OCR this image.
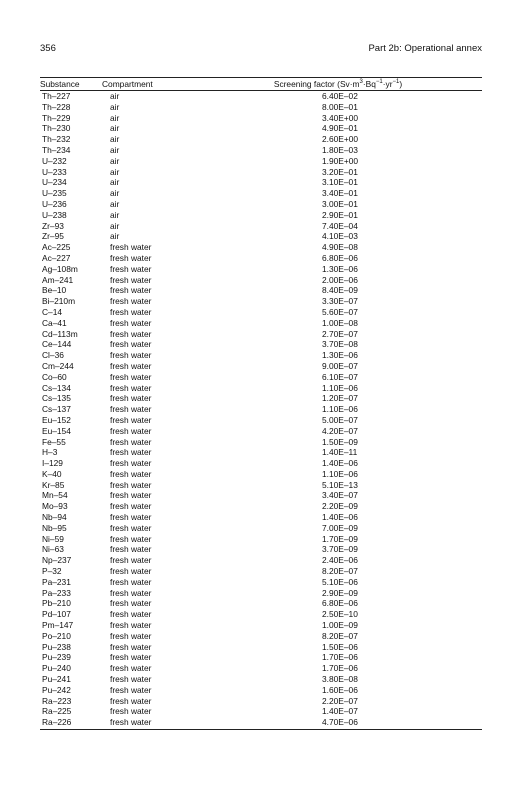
356	Part 2b: Operational annex
Substance	Compartment	Screening factor $(Sv\cdot m^3\cdot Bq^{-1}\cdot yr^{-1})$
Th–227	air	6.40E–02
Th–228	air	8.00E–01
Th–229	air	3.40E+00
Th–230	air	4.90E–01
Th–232	air	2.60E+00
Th–234	air	1.80E–03
U–232	air	1.90E+00
U–233	air	3.20E–01
U–234	air	3.10E–01
U–235	air	3.40E–01
U–236	air	3.00E–01
U–238	air	2.90E–01
Zr–93	air	7.40E–04
Zr–95	air	4.10E–03
Ac–225	fresh water	4.90E–08
Ac–227	fresh water	6.80E–06
Ag–108m	fresh water	1.30E–06
Am–241	fresh water	2.00E–06
Be–10	fresh water	8.40E–09
Bi–210m	fresh water	3.30E–07
C–14	fresh water	5.60E–07
Ca–41	fresh water	1.00E–08
Cd–113m	fresh water	2.70E–07
Ce–144	fresh water	3.70E–08
Cl–36	fresh water	1.30E–06
Cm–244	fresh water	9.00E–07
Co–60	fresh water	6.10E–07
Cs–134	fresh water	1.10E–06
Cs–135	fresh water	1.20E–07
Cs–137	fresh water	1.10E–06
Eu–152	fresh water	5.00E–07
Eu–154	fresh water	4.20E–07
Fe–55	fresh water	1.50E–09
H–3	fresh water	1.40E–11
I–129	fresh water	1.40E–06
K–40	fresh water	1.10E–06
Kr–85	fresh water	5.10E–13
Mn–54	fresh water	3.40E–07
Mo–93	fresh water	2.20E–09
Nb–94	fresh water	1.40E–06
Nb–95	fresh water	7.00E–09
Ni–59	fresh water	1.70E–09
Ni–63	fresh water	3.70E–09
Np–237	fresh water	2.40E–06
P–32	fresh water	8.20E–07
Pa–231	fresh water	5.10E–06
Pa–233	fresh water	2.90E–09
Pb–210	fresh water	6.80E–06
Pd–107	fresh water	2.50E–10
Pm–147	fresh water	1.00E–09
Po–210	fresh water	8.20E–07
Pu–238	fresh water	1.50E–06
Pu–239	fresh water	1.70E–06
Pu–240	fresh water	1.70E–06
Pu–241	fresh water	3.80E–08
Pu–242	fresh water	1.60E–06
Ra–223	fresh water	2.20E–07
Ra–225	fresh water	1.40E–07
Ra–226	fresh water	4.70E–06
